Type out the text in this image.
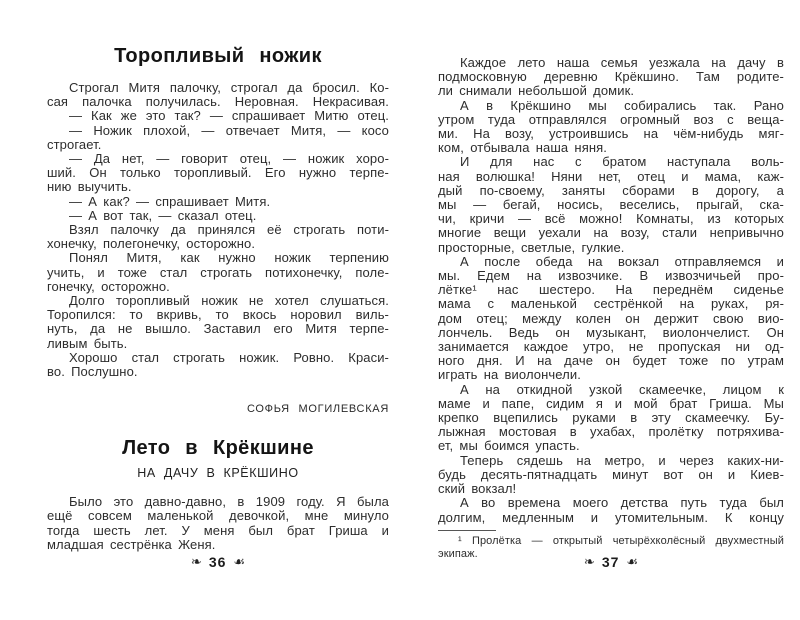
Торопливый ножик
Строгал Митя палочку, строгал да бросил. Ко-
сая палочка получилась. Неровная. Некрасивая.
— Как же это так? — спрашивает Митю отец.
— Ножик плохой, — отвечает Митя, — косо
строгает.
— Да нет, — говорит отец, — ножик хоро-
ший. Он только торопливый. Его нужно терпе-
нию выучить.
— А как? — спрашивает Митя.
— А вот так, — сказал отец.
Взял палочку да принялся её строгать поти-
хонечку, полегонечку, осторожно.
Понял Митя, как нужно ножик терпению
учить, и тоже стал строгать потихонечку, поле-
гонечку, осторожно.
Долго торопливый ножик не хотел слушаться.
Торопился: то вкривь, то вкось норовил виль-
нуть, да не вышло. Заставил его Митя терпе-
ливым быть.
Хорошо стал строгать ножик. Ровно. Краси-
во. Послушно.
СОФЬЯ МОГИЛЕВСКАЯ
Лето в Крёкшине
НА ДАЧУ В КРЁКШИНО
Было это давно-давно, в 1909 году. Я была
ещё совсем маленькой девочкой, мне минуло
тогда шесть лет. У меня был брат Гриша и
младшая сестрёнка Женя.
❧ 36 ☙
Каждое лето наша семья уезжала на дачу в
подмосковную деревню Крёкшино. Там родите-
ли снимали небольшой домик.
А в Крёкшино мы собирались так. Рано
утром туда отправлялся огромный воз с веща-
ми. На возу, устроившись на чём-нибудь мяг-
ком, отбывала наша няня.
И для нас с братом наступала воль-
ная волюшка! Няни нет, отец и мама, каж-
дый по-своему, заняты сборами в дорогу, а
мы — бегай, носись, веселись, прыгай, ска-
чи, кричи — всё можно! Комнаты, из которых
многие вещи уехали на возу, стали непривычно
просторные, светлые, гулкие.
А после обеда на вокзал отправляемся и
мы. Едем на извозчике. В извозчичьей про-
лётке¹ нас шестеро. На переднём сиденье
мама с маленькой сестрёнкой на руках, ря-
дом отец; между колен он держит свою вио-
лончель. Ведь он музыкант, виолончелист. Он
занимается каждое утро, не пропуская ни од-
ного дня. И на даче он будет тоже по утрам
играть на виолончели.
А на откидной узкой скамеечке, лицом к
маме и папе, сидим я и мой брат Гриша. Мы
крепко вцепились руками в эту скамеечку. Бу-
лыжная мостовая в ухабах, пролётку потряхива-
ет, мы боимся упасть.
Теперь сядешь на метро, и через каких-ни-
будь десять-пятнадцать минут вот он и Киев-
ский вокзал!
А во времена моего детства путь туда был
долгим, медленным и утомительным. К концу
¹ Пролётка — открытый четырёхколёсный двухместный
экипаж.	❧ 37 ☙
